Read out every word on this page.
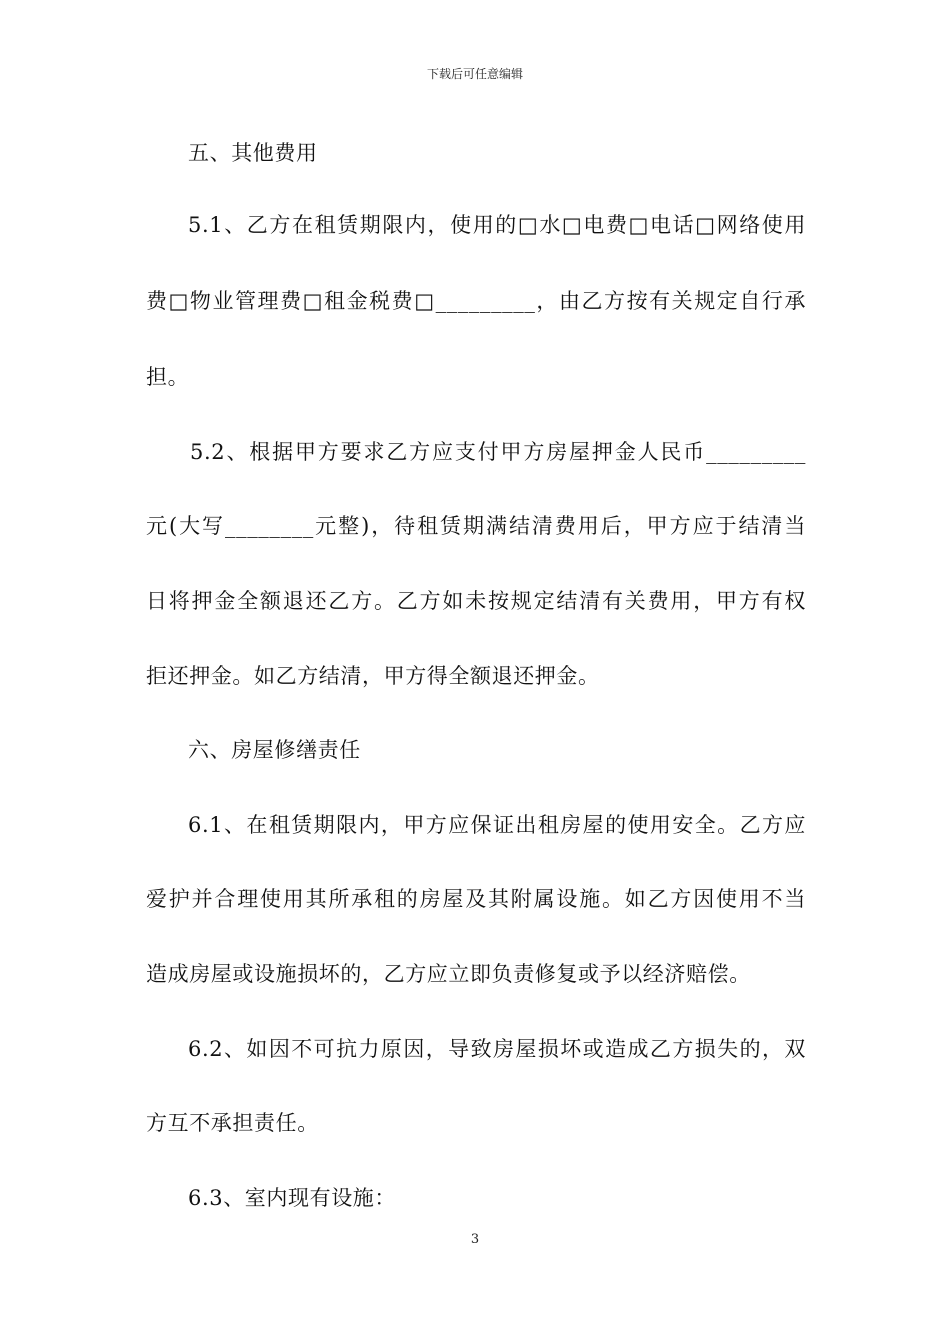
下载后可任意编辑
五、其他费用
5.1、乙方在租赁期限内，使用的□水□电费□电话□网络使用
费□物业管理费□租金税费□_________，由乙方按有关规定自行承
担。
5.2、根据甲方要求乙方应支付甲方房屋押金人民币_________
元(大写________元整)，待租赁期满结清费用后，甲方应于结清当
日将押金全额退还乙方。乙方如未按规定结清有关费用，甲方有权
拒还押金。如乙方结清，甲方得全额退还押金。
六、房屋修缮责任
6.1、在租赁期限内，甲方应保证出租房屋的使用安全。乙方应
爱护并合理使用其所承租的房屋及其附属设施。如乙方因使用不当
造成房屋或设施损坏的，乙方应立即负责修复或予以经济赔偿。
6.2、如因不可抗力原因，导致房屋损坏或造成乙方损失的，双
方互不承担责任。
6.3、室内现有设施：
3
